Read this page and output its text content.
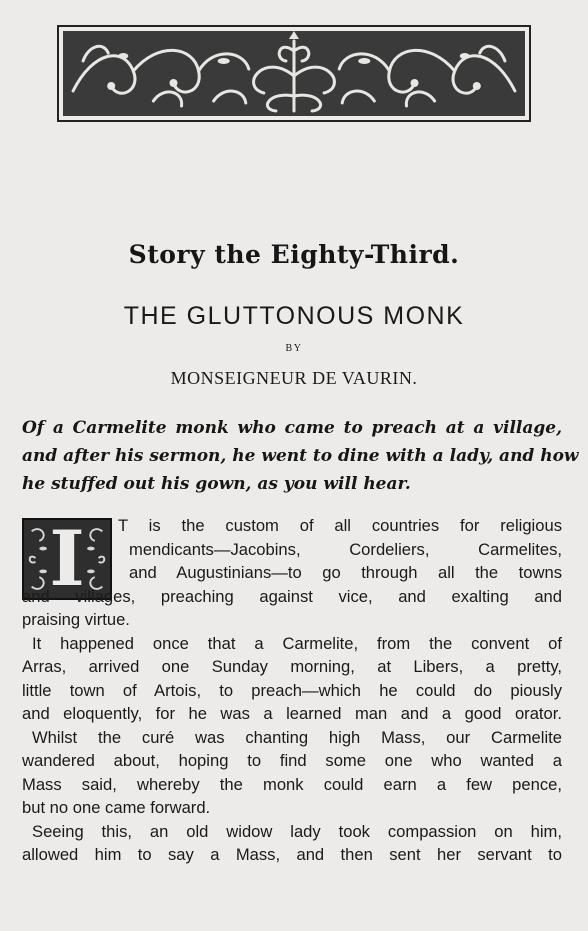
Story the Eighty-Third.
THE GLUTTONOUS MONK
BY
MONSEIGNEUR DE VAURIN.
Of a Carmelite monk who came to preach at a village,
and after his sermon, he went to dine with a lady, and how
he stuffed out his gown, as you will hear.
I	T is the custom of all countries for religious
mendicants—Jacobins, Cordeliers, Carmelites,
and Augustinians—to go through all the towns
and villages, preaching against vice, and exalting and
praising virtue.
It happened once that a Carmelite, from the convent of
Arras, arrived one Sunday morning, at Libers, a pretty,
little town of Artois, to preach—which he could do piously
and eloquently, for he was a learned man and a good orator.
Whilst the curé was chanting high Mass, our Carmelite
wandered about, hoping to find some one who wanted a
Mass said, whereby the monk could earn a few pence,
but no one came forward.
Seeing this, an old widow lady took compassion on him,
allowed him to say a Mass, and then sent her servant to
